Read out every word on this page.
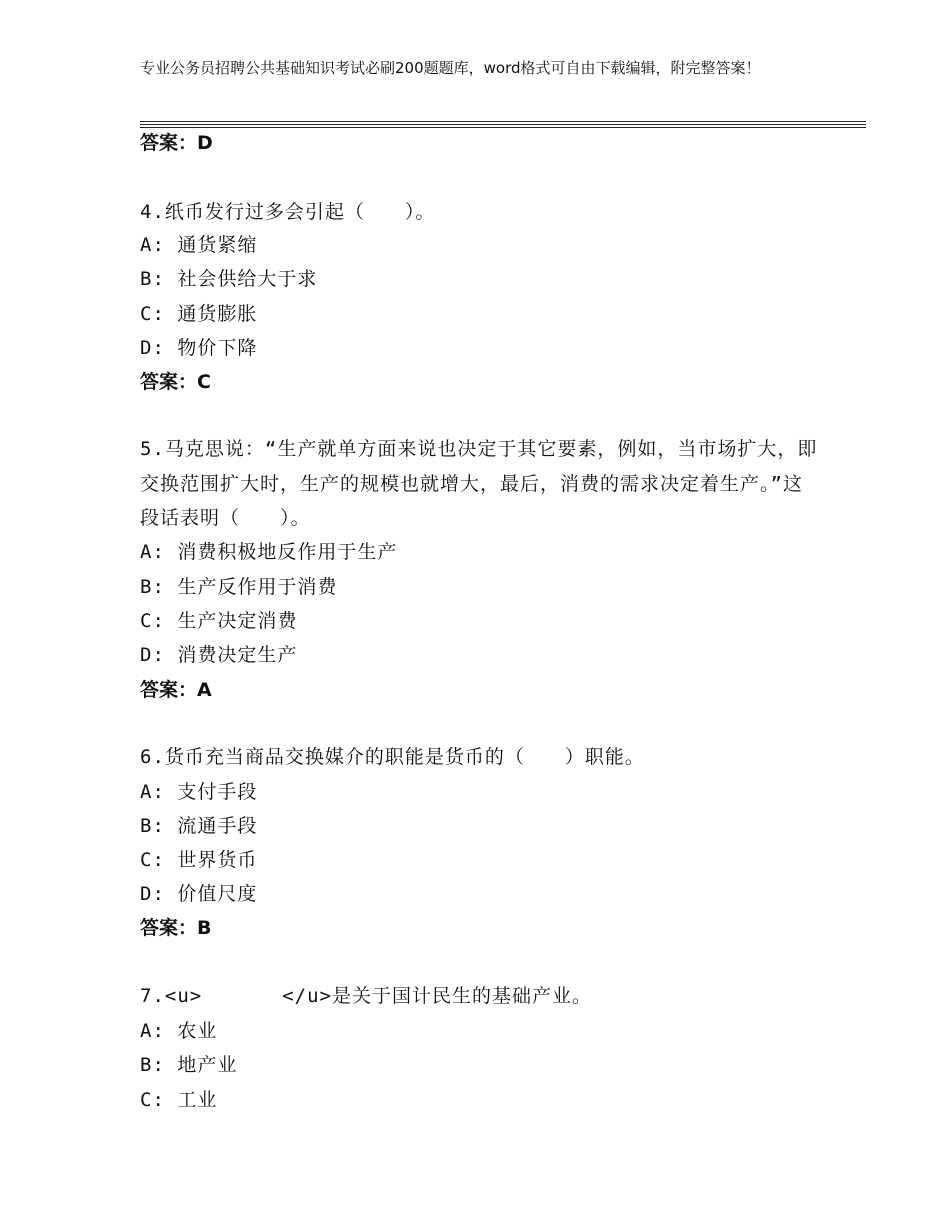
专业公务员招聘公共基础知识考试必刷200题题库，word格式可自由下载编辑，附完整答案！
答案：D
4.纸币发行过多会引起（　　）。
A: 通货紧缩
B: 社会供给大于求
C: 通货膨胀
D: 物价下降
答案：C
5.马克思说：“生产就单方面来说也决定于其它要素，例如，当市场扩大，即交换范围扩大时，生产的规模也就增大，最后，消费的需求决定着生产。”这段话表明（　　）。
A: 消费积极地反作用于生产
B: 生产反作用于消费
C: 生产决定消费
D: 消费决定生产
答案：A
6.货币充当商品交换媒介的职能是货币的（　　）职能。
A: 支付手段
B: 流通手段
C: 世界货币
D: 价值尺度
答案：B
7.<u>　　　　</u>是关于国计民生的基础产业。
A: 农业
B: 地产业
C: 工业
